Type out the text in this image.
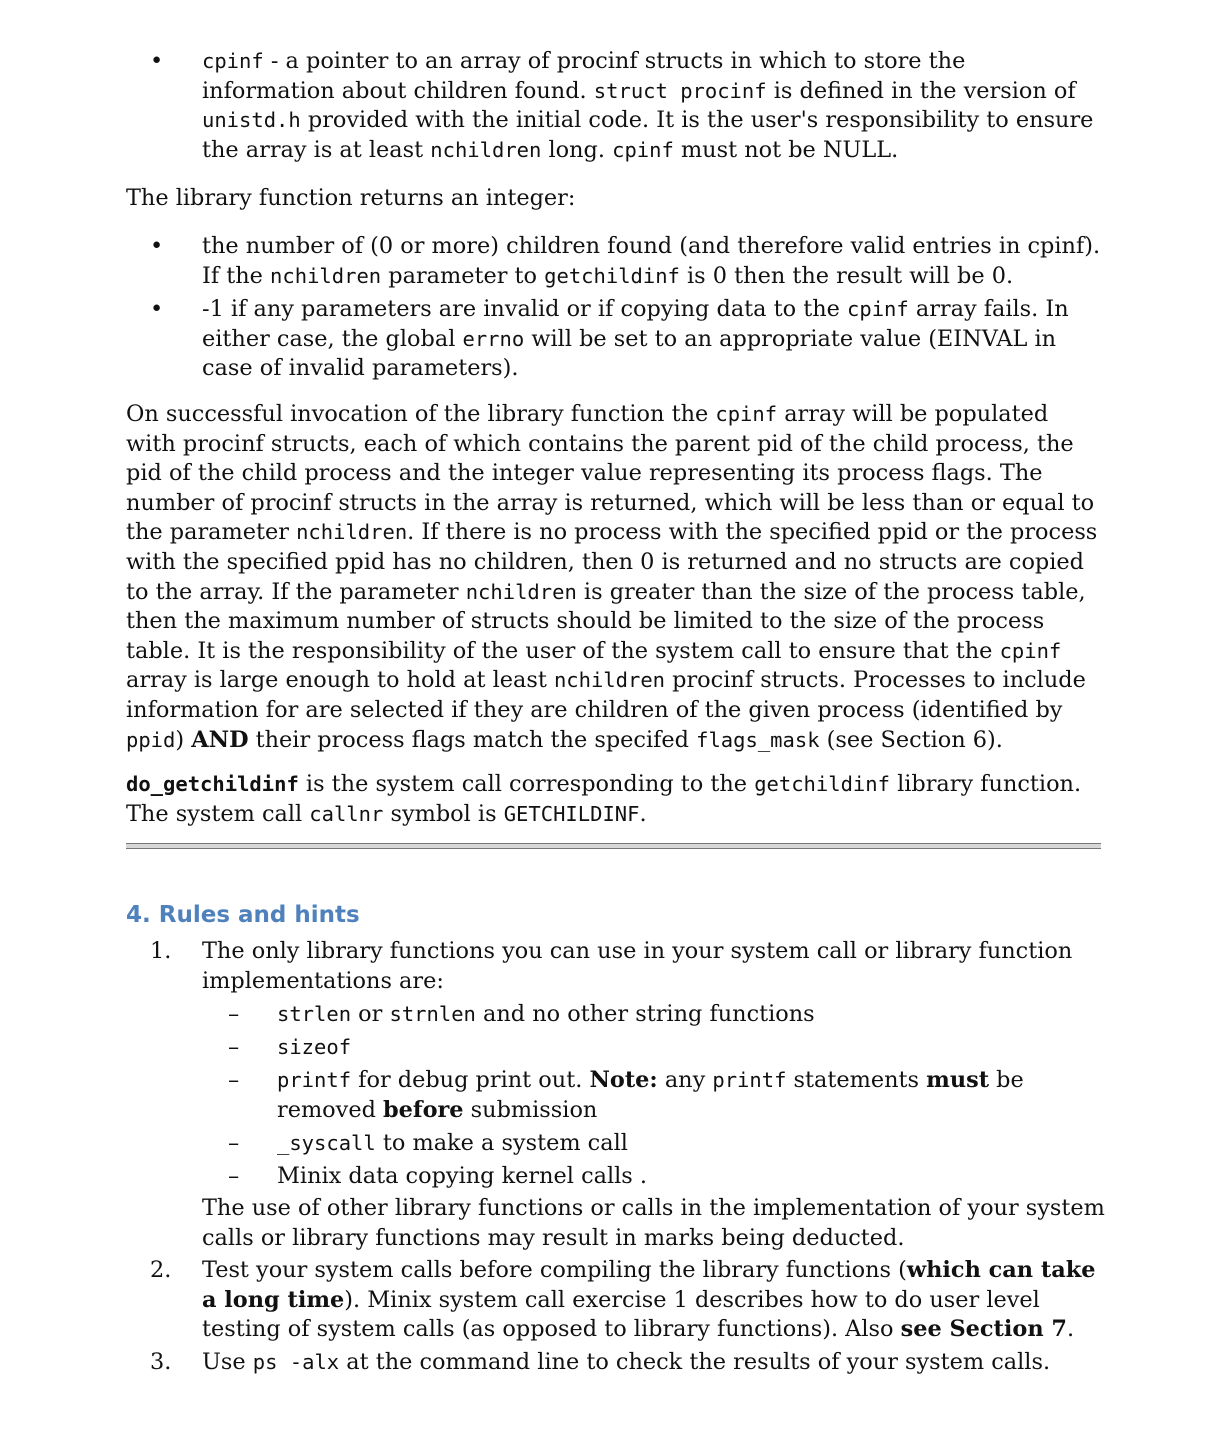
• cpinf - a pointer to an array of procinf structs in which to store the information about children found. struct procinf is defined in the version of unistd.h provided with the initial code. It is the user's responsibility to ensure the array is at least nchildren long. cpinf must not be NULL.
The library function returns an integer:
• the number of (0 or more) children found (and therefore valid entries in cpinf). If the nchildren parameter to getchildinf is 0 then the result will be 0.
• -1 if any parameters are invalid or if copying data to the cpinf array fails. In either case, the global errno will be set to an appropriate value (EINVAL in case of invalid parameters).
On successful invocation of the library function the cpinf array will be populated with procinf structs, each of which contains the parent pid of the child process, the pid of the child process and the integer value representing its process flags. The number of procinf structs in the array is returned, which will be less than or equal to the parameter nchildren. If there is no process with the specified ppid or the process with the specified ppid has no children, then 0 is returned and no structs are copied to the array. If the parameter nchildren is greater than the size of the process table, then the maximum number of structs should be limited to the size of the process table. It is the responsibility of the user of the system call to ensure that the cpinf array is large enough to hold at least nchildren procinf structs. Processes to include information for are selected if they are children of the given process (identified by ppid) AND their process flags match the specifed flags_mask (see Section 6).
do_getchildinf is the system call corresponding to the getchildinf library function. The system call callnr symbol is GETCHILDINF.
4. Rules and hints
1. The only library functions you can use in your system call or library function implementations are:
– strlen or strnlen and no other string functions
– sizeof
– printf for debug print out. Note: any printf statements must be removed before submission
– _syscall to make a system call
– Minix data copying kernel calls .
The use of other library functions or calls in the implementation of your system calls or library functions may result in marks being deducted.
2. Test your system calls before compiling the library functions (which can take a long time). Minix system call exercise 1 describes how to do user level testing of system calls (as opposed to library functions). Also see Section 7.
3. Use ps -alx at the command line to check the results of your system calls.
